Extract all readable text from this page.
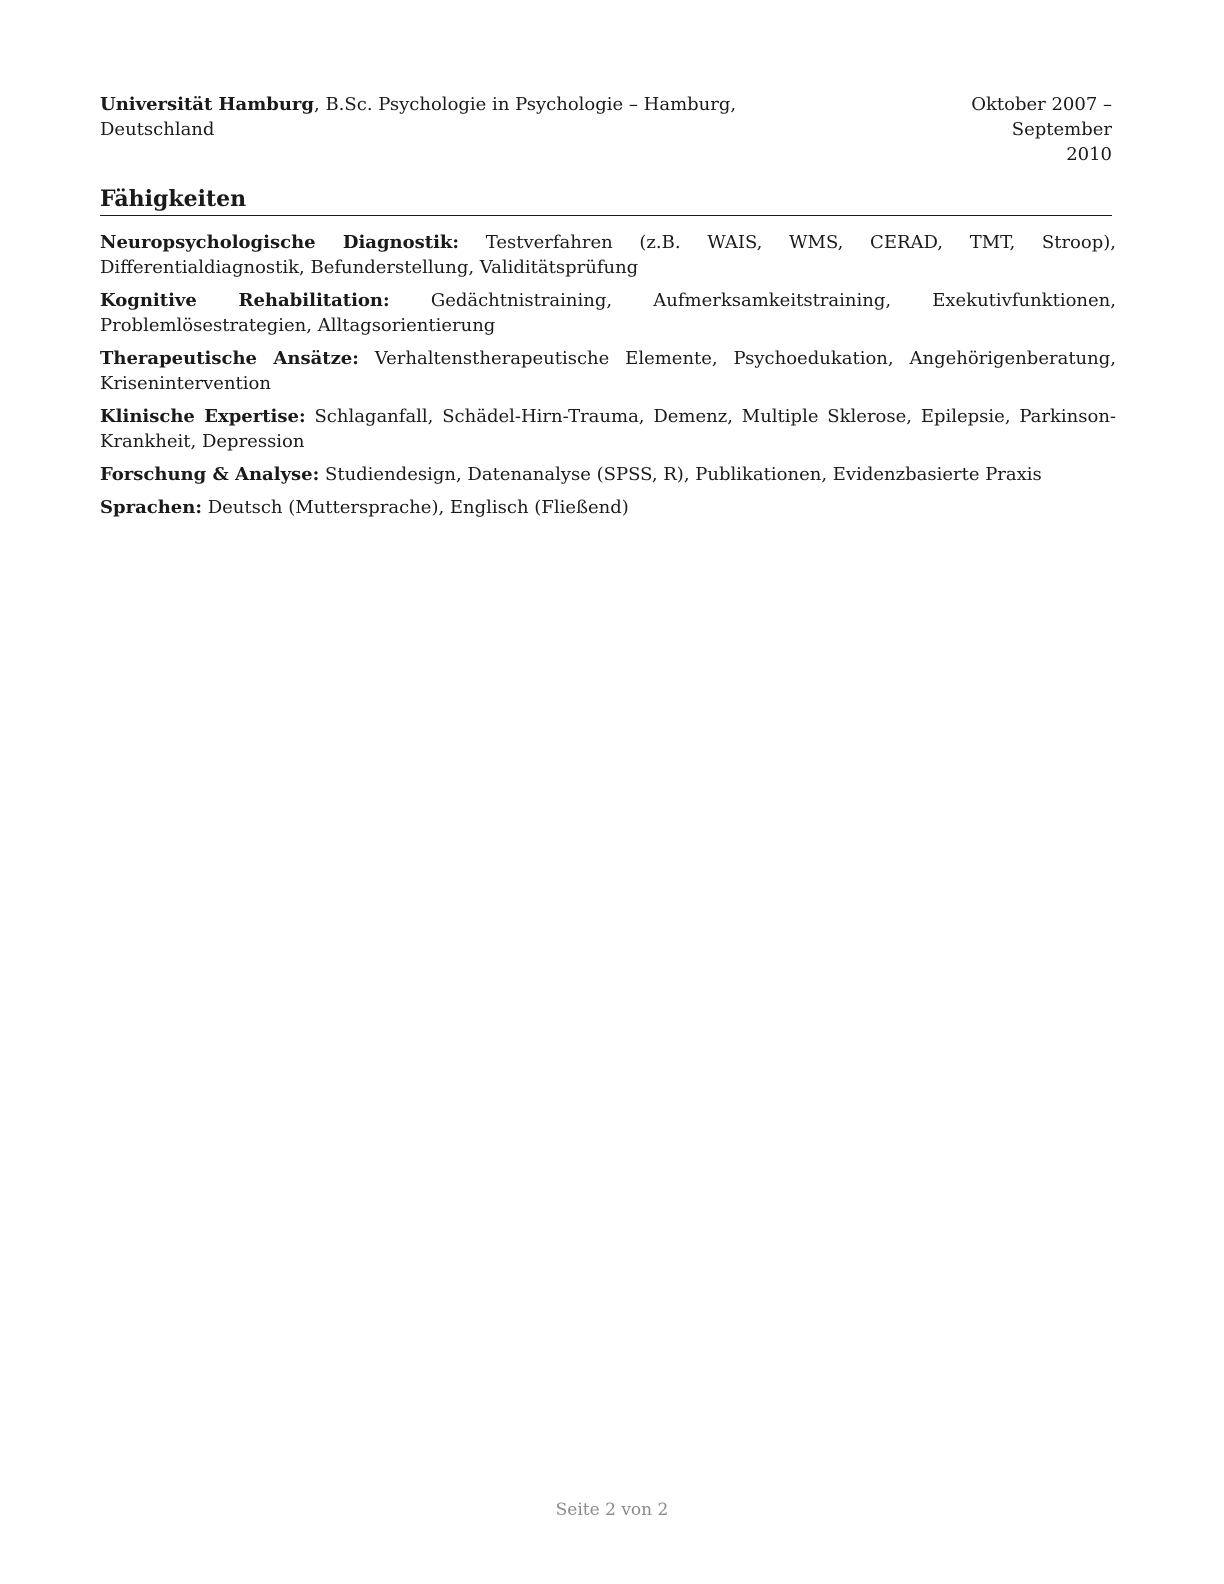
Universität Hamburg, B.Sc. Psychologie in Psychologie – Hamburg, Deutschland
Oktober 2007 – September
2010
Fähigkeiten
Neuropsychologische Diagnostik: Testverfahren (z.B. WAIS, WMS, CERAD, TMT, Stroop), Differentialdiagnostik, Befunderstellung, Validitätsprüfung
Kognitive Rehabilitation: Gedächtnistraining, Aufmerksamkeitstraining, Exekutivfunktionen, Problemlösestrategien, Alltagsorientierung
Therapeutische Ansätze: Verhaltenstherapeutische Elemente, Psychoedukation, Angehörigenberatung, Krisenintervention
Klinische Expertise: Schlaganfall, Schädel-Hirn-Trauma, Demenz, Multiple Sklerose, Epilepsie, Parkinson-Krankheit, Depression
Forschung & Analyse: Studiendesign, Datenanalyse (SPSS, R), Publikationen, Evidenzbasierte Praxis
Sprachen: Deutsch (Muttersprache), Englisch (Fließend)
Seite 2 von 2
